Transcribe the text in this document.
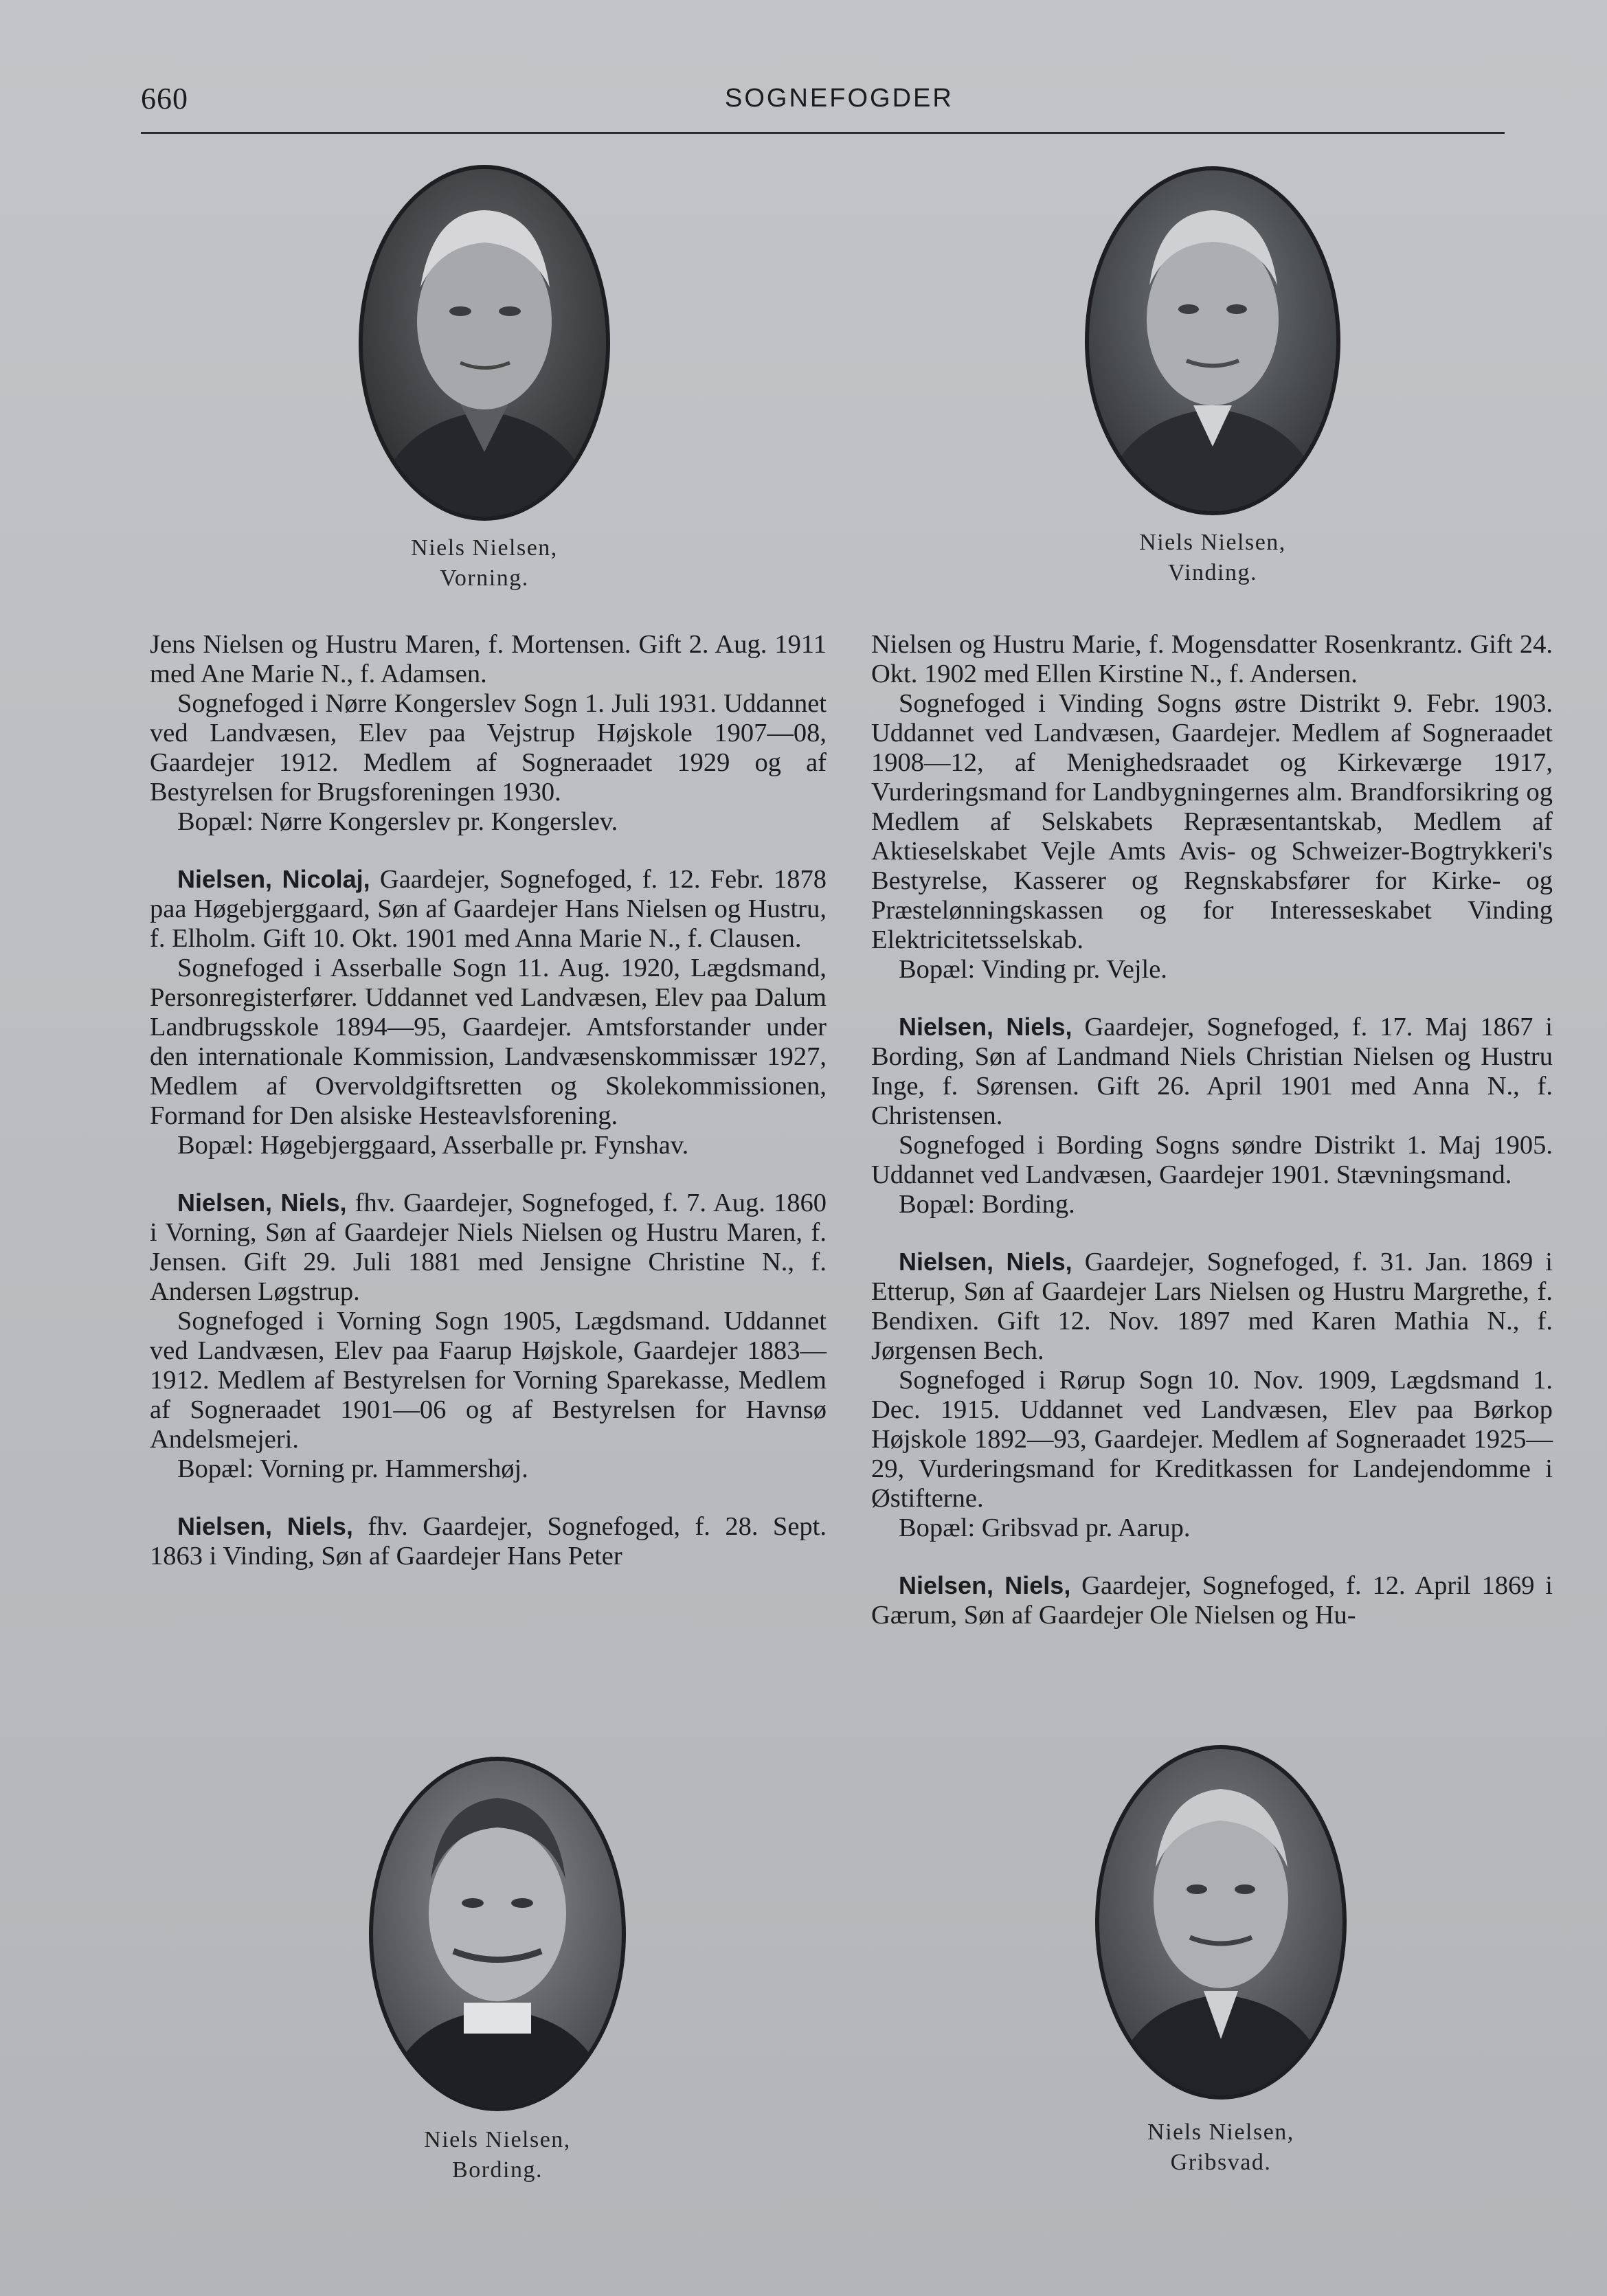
660	SOGNEFOGDER
Niels Nielsen,
Vorning.
Niels Nielsen,
Vinding.

Jens Nielsen og Hustru Maren, f. Mortensen. Gift 2. Aug. 1911 med Ane Marie N., f. Adamsen.

Sognefoged i Nørre Kongerslev Sogn 1. Juli 1931. Uddannet ved Landvæsen, Elev paa Vejstrup Højskole 1907—08, Gaardejer 1912. Medlem af Sogneraadet 1929 og af Bestyrelsen for Brugsforeningen 1930.

Bopæl: Nørre Kongerslev pr. Kongerslev.

Nielsen, Nicolaj, Gaardejer, Sognefoged, f. 12. Febr. 1878 paa Høgebjerggaard, Søn af Gaardejer Hans Nielsen og Hustru, f. Elholm. Gift 10. Okt. 1901 med Anna Marie N., f. Clausen.

Sognefoged i Asserballe Sogn 11. Aug. 1920, Lægdsmand, Personregisterfører. Uddannet ved Landvæsen, Elev paa Dalum Landbrugsskole 1894—95, Gaardejer. Amtsforstander under den internationale Kommission, Landvæsenskommissær 1927, Medlem af Overvoldgiftsretten og Skolekommissionen, Formand for Den alsiske Hesteavlsforening.

Bopæl: Høgebjerggaard, Asserballe pr. Fynshav.

Nielsen, Niels, fhv. Gaardejer, Sognefoged, f. 7. Aug. 1860 i Vorning, Søn af Gaardejer Niels Nielsen og Hustru Maren, f. Jensen. Gift 29. Juli 1881 med Jensigne Christine N., f. Andersen Løgstrup.

Sognefoged i Vorning Sogn 1905, Lægdsmand. Uddannet ved Landvæsen, Elev paa Faarup Højskole, Gaardejer 1883—1912. Medlem af Bestyrelsen for Vorning Sparekasse, Medlem af Sogneraadet 1901—06 og af Bestyrelsen for Havnsø Andelsmejeri.

Bopæl: Vorning pr. Hammershøj.

Nielsen, Niels, fhv. Gaardejer, Sognefoged, f. 28. Sept. 1863 i Vinding, Søn af Gaardejer Hans Peter

Nielsen og Hustru Marie, f. Mogensdatter Rosenkrantz. Gift 24. Okt. 1902 med Ellen Kirstine N., f. Andersen.

Sognefoged i Vinding Sogns østre Distrikt 9. Febr. 1903. Uddannet ved Landvæsen, Gaardejer. Medlem af Sogneraadet 1908—12, af Menighedsraadet og Kirkeværge 1917, Vurderingsmand for Landbygningernes alm. Brandforsikring og Medlem af Selskabets Repræsentantskab, Medlem af Aktieselskabet Vejle Amts Avis- og Schweizer-Bogtrykkeri's Bestyrelse, Kasserer og Regnskabsfører for Kirke- og Præstelønningskassen og for Interesseskabet Vinding Elektricitetsselskab.

Bopæl: Vinding pr. Vejle.

Nielsen, Niels, Gaardejer, Sognefoged, f. 17. Maj 1867 i Bording, Søn af Landmand Niels Christian Nielsen og Hustru Inge, f. Sørensen. Gift 26. April 1901 med Anna N., f. Christensen.

Sognefoged i Bording Sogns søndre Distrikt 1. Maj 1905. Uddannet ved Landvæsen, Gaardejer 1901. Stævningsmand.

Bopæl: Bording.

Nielsen, Niels, Gaardejer, Sognefoged, f. 31. Jan. 1869 i Etterup, Søn af Gaardejer Lars Nielsen og Hustru Margrethe, f. Bendixen. Gift 12. Nov. 1897 med Karen Mathia N., f. Jørgensen Bech.

Sognefoged i Rørup Sogn 10. Nov. 1909, Lægdsmand 1. Dec. 1915. Uddannet ved Landvæsen, Elev paa Børkop Højskole 1892—93, Gaardejer. Medlem af Sogneraadet 1925—29, Vurderingsmand for Kreditkassen for Landejendomme i Østifterne.

Bopæl: Gribsvad pr. Aarup.

Nielsen, Niels, Gaardejer, Sognefoged, f. 12. April 1869 i Gærum, Søn af Gaardejer Ole Nielsen og Hu-

Niels Nielsen,
Bording.
Niels Nielsen,
Gribsvad.
